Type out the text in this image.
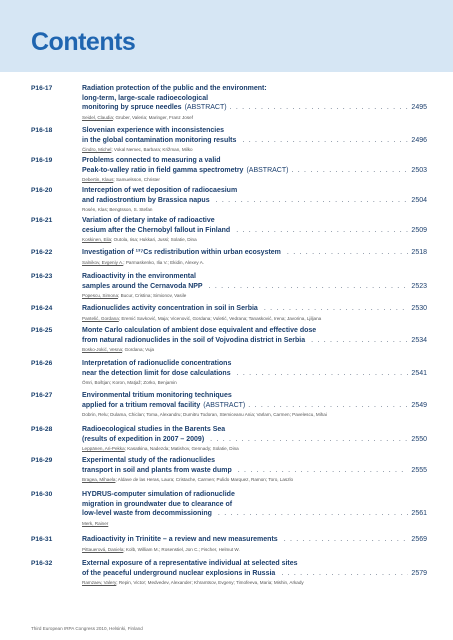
Contents
P16-17	Radiation protection of the public and the environment:
long-term, large-scale radioecological
monitoring by spruce needles (ABSTRACT) . . .	2495
Seidel, Claudia; Gruber, Valeria; Maringer, Franz Josef
P16-18	Slovenian experience with inconsistencies
in the global contamination monitoring results . . .	2496
Čindro, Michel; Vokal Nemec, Barbara; Križman, Milko
P16-19	Problems connected to measuring a valid
Peak-to-valley ratio in field gamma spectrometry (ABSTRACT) . . .	2503
Debertin, Klaus; Samuelsson, Christer
P16-20	Interception of wet deposition of radiocaesium
and radiostrontium by Brassica napus . . .	2504
Rosén, Klas; Bengtsson, S. Stefan
P16-21	Variation of dietary intake of radioactive
cesium after the Chernobyl fallout in Finland . . .	2509
Koskinen, Eila; Outola, Iisa; Hukkari, Jussi; Solatie, Dina
P16-22	Investigation of ¹³⁷Cs redistribution within urban ecosystem . . .	2518
Salnikov, Evgeniy A.; Parmaskenko, Ilia V.; Ekidin, Alexey A.
P16-23	Radioactivity in the environmental
samples around the Cernavoda NPP . . .	2523
Popescu, Simona; Bucur, Cristina; Simionov, Vasile
P16-24	Radionuclides activity concentration in soil in Serbia . . .	2530
Pantelić, Gordana; Eremić Savković, Maja; Vicenović, Gordana; Vuletić, Vedrana; Tanasković, Irena; Javorina, Ljiljana
P16-25	Monte Carlo calculation of ambient dose equivalent and effective dose
from natural radionuclides in the soil of Vojvodina district in Serbia . . .	2534
Bosko-Jokić, Vesna; Gordana; Vuja
P16-26	Interpretation of radionuclide concentrations
near the detection limit for dose calculations . . .	2541
Ömri, Boštjan; Koron, Matjaž; Zorko, Benjamin
P16-27	Environmental tritium monitoring techniques
applied for a tritium removal facility (ABSTRACT) . . .	2549
Dobrin, Relu; Dulama, Chiclan; Toma, Alexandru; Dumitru Todoran, Stemiceanu Ania; Varlam, Carmen; Pavelescu, Mihai
P16-28	Radioecological studies in the Barents Sea
(results of expedition in 2007 – 2009) . . .	2550
Leppänen, Ari-Pekka; Kasatkina, Nadezda; Matishov, Gennady; Solatie, Dina
P16-29	Experimental study of the radionuclides
transport in soil and plants from waste dump . . .	2555
Bragea, Mihaela; Aldave de las Heras, Laura; Cristache, Carmen; Pulido Marquez, Ramon; Toro, Laszlo
P16-30	HYDRUS-computer simulation of radionuclide
migration in groundwater due to clearance of
low-level waste from decommissioning . . .	2561
Merk, Rainer
P16-31	Radioactivity in Trinitite – a review and new measurements . . .	2569
Pittauerová, Daniela; Kolb, William M.; Rosenstiel, Jon C.; Fischer, Helmut W.
P16-32	External exposure of a representative individual at selected sites
of the peaceful underground nuclear explosions in Russia . . .	2579
Ramzaev, Valery; Repin, Victor; Medvedev, Alexander; Khramtsov, Evgeny; Timofeeva, Maria; Mishin, Arkady
Third European IRPA Congress 2010, Helsinki, Finland
